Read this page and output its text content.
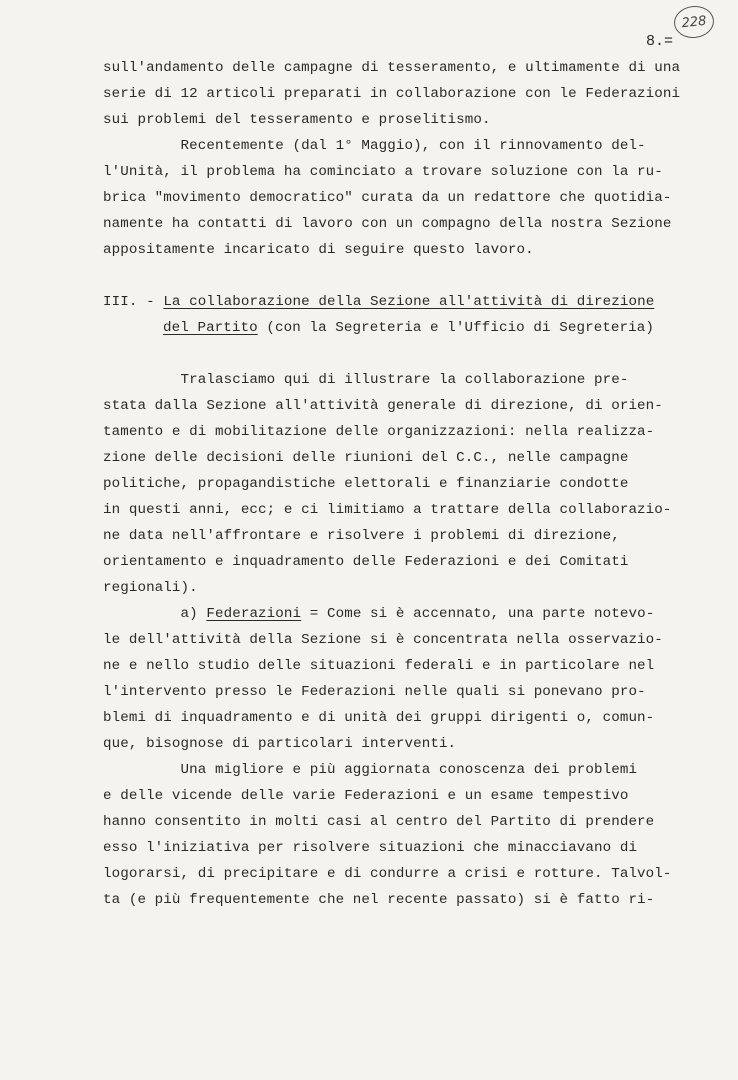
228
8.=
sull'andamento delle campagne di tesseramento, e ultimamente di una
serie di 12 articoli preparati in collaborazione con le Federazioni
sui problemi del tesseramento e proselitismo.
Recentemente (dal 1° Maggio), con il rinnovamento del-
l'Unità, il problema ha cominciato a trovare soluzione con la ru-
brica "movimento democratico" curata da un redattore che quotidia-
namente ha contatti di lavoro con un compagno della nostra Sezione
appositamente incaricato di seguire questo lavoro.
III. - La collaborazione della Sezione all'attività di direzione
del Partito (con la Segreteria e l'Ufficio di Segreteria)
Tralasciamo qui di illustrare la collaborazione pre-
stata dalla Sezione all'attività generale di direzione, di orien-
tamento e di mobilitazione delle organizzazioni: nella realizza-
zione delle decisioni delle riunioni del C.C., nelle campagne
politiche, propagandistiche elettorali e finanziarie condotte
in questi anni, ecc; e ci limitiamo a trattare della collaborazio-
ne data nell'affrontare e risolvere i problemi di direzione,
orientamento e inquadramento delle Federazioni e dei Comitati
regionali).
a) Federazioni = Come si è accennato, una parte notevo-
le dell'attività della Sezione si è concentrata nella osservazio-
ne e nello studio delle situazioni federali e in particolare nel
l'intervento presso le Federazioni nelle quali si ponevano pro-
blemi di inquadramento e di unità dei gruppi dirigenti o, comun-
que, bisognose di particolari interventi.
Una migliore e più aggiornata conoscenza dei problemi
e delle vicende delle varie Federazioni e un esame tempestivo
hanno consentito in molti casi al centro del Partito di prendere
esso l'iniziativa per risolvere situazioni che minacciavano di
logorarsi, di precipitare e di condurre a crisi e rotture. Talvol-
ta (e più frequentemente che nel recente passato) si è fatto ri-
